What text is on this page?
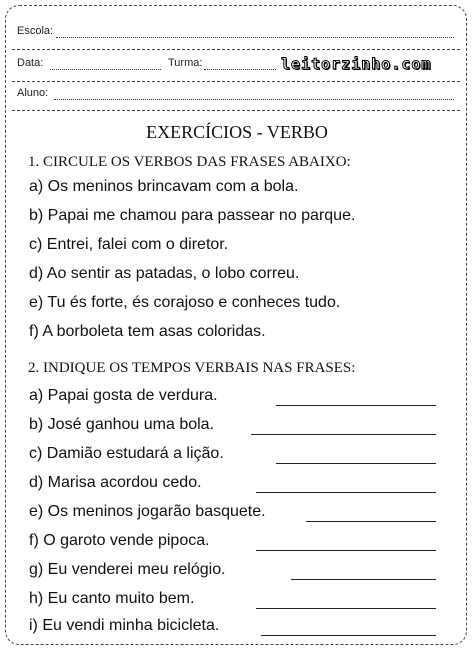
Escola:
Data:	Turma:	leitorzinho.com
Aluno:
EXERCÍCIOS - VERBO
1. CIRCULE OS VERBOS DAS FRASES ABAIXO:
a) Os meninos brincavam com a bola.
b) Papai me chamou para passear no parque.
c) Entrei, falei com o diretor.
d) Ao sentir as patadas, o lobo correu.
e) Tu és forte, és corajoso e conheces tudo.
f) A borboleta tem asas coloridas.
2. INDIQUE OS TEMPOS VERBAIS NAS FRASES:
a) Papai gosta de verdura.
b) José ganhou uma bola.
c) Damião estudará a lição.
d) Marisa acordou cedo.
e) Os meninos jogarão basquete.
f) O garoto vende pipoca.
g) Eu venderei meu relógio.
h) Eu canto muito bem.
i) Eu vendi minha bicicleta.
